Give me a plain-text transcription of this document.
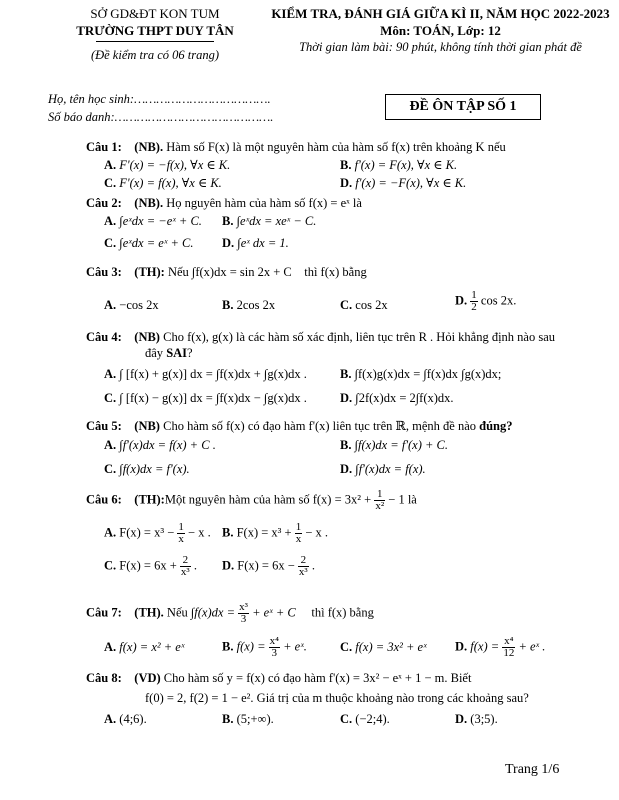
SỞ GD&ĐT KON TUM
TRƯỜNG THPT DUY TÂN
(Đề kiểm tra có 06 trang)
KIỂM TRA, ĐÁNH GIÁ GIỮA KÌ II, NĂM HỌC 2022-2023
Môn: TOÁN, Lớp: 12
Thời gian làm bài: 90 phút, không tính thời gian phát đề
Họ, tên học sinh:……………………………….
Số báo danh:…………………………………….
ĐỀ ÔN TẬP SỐ 1
Câu 1: (NB). Hàm số F(x) là một nguyên hàm của hàm số f(x) trên khoảng K nếu
A. F'(x) = −f(x), ∀x ∈ K.	B. f'(x) = F(x), ∀x ∈ K.
C. F'(x) = f(x), ∀x ∈ K.	D. f'(x) = −F(x), ∀x ∈ K.
Câu 2: (NB). Họ nguyên hàm của hàm số f(x) = eˣ là
A. ∫eˣdx = −eˣ + C. B. ∫eˣdx = xeˣ − C.
C. ∫eˣdx = eˣ + C. D. ∫eˣ dx = 1.
Câu 3: (TH): Nếu ∫f(x)dx = sin 2x + C thì f(x) bằng
A. −cos 2x	B. 2cos 2x	C. cos 2x	D. $\frac{1}{2}$ cos 2x.
Câu 4: (NB) Cho f(x), g(x) là các hàm số xác định, liên tục trên R . Hỏi khẳng định nào sau
đây SAI?
A. ∫ [f(x) + g(x)] dx = ∫f(x)dx + ∫g(x)dx .	B. ∫f(x)g(x)dx = ∫f(x)dx ∫g(x)dx;
C. ∫ [f(x) − g(x)] dx = ∫f(x)dx − ∫g(x)dx .	D. ∫2f(x)dx = 2∫f(x)dx.
Câu 5: (NB) Cho hàm số f(x) có đạo hàm f'(x) liên tục trên ℝ, mệnh đề nào đúng?
A. ∫f'(x)dx = f(x) + C .	B. ∫f(x)dx = f'(x) + C.
C. ∫f(x)dx = f'(x).	D. ∫f'(x)dx = f(x).
Câu 6: (TH):Một nguyên hàm của hàm số $f(x) = 3x^2 + \frac{1}{\text{x²}} - 1$ là
A. $F(x) = x^3 - \frac{1}{x} - x$ . B. $F(x) = x^3 + \frac{1}{x} - x$ .
C. $F(x) = 6x + \frac{2}{\text{x³}}$ . D. $F(x) = 6x - \frac{2}{\text{x³}}$ .
Câu 7: (TH). Nếu $\int f(x)dx = \frac{\text{x³}}{3}$ + eˣ + C thì f(x) bằng
A. f(x) = x² + eˣ	B. $f(x) = \frac{\text{x⁴}}{3}$ + eˣ.	C. f(x) = 3x² + eˣ D. $f(x) = \frac{\text{x⁴}}{12}$ + eˣ .
Câu 8: (VD) Cho hàm số y = f(x) có đạo hàm f'(x) = 3x² − eˣ + 1 − m. Biết
f(0) = 2, f(2) = 1 − e². Giá trị của m thuộc khoảng nào trong các khoảng sau?
A. (4;6).	B. (5;+∞).	C. (−2;4).	D. (3;5).
Trang 1/6
